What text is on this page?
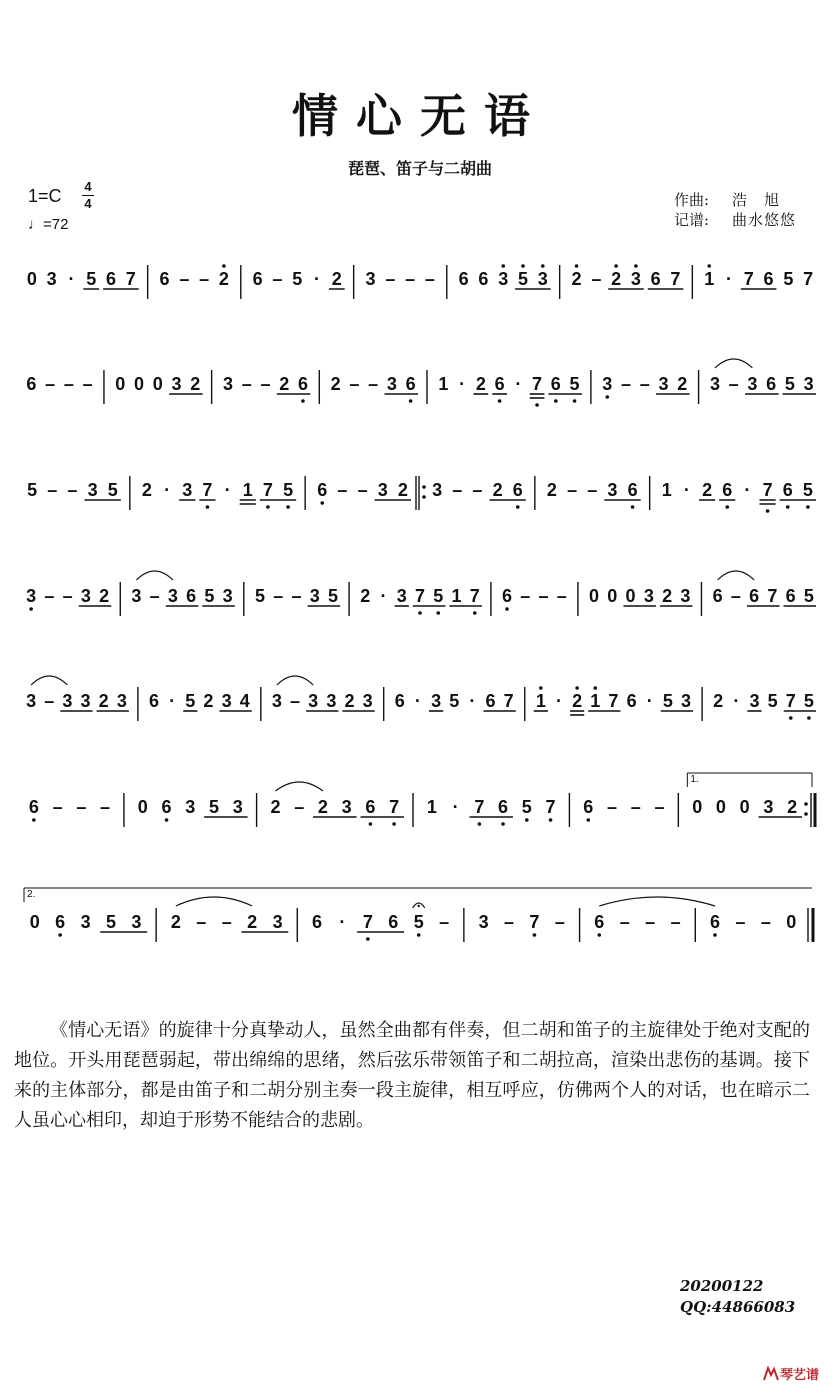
情心无语
琵琶、笛子与二胡曲
1=C 4
4
♩=72
作曲:	浩　旭
记谱:	曲水悠悠
0 3 · 5 6 7 6 – – 2 6 – 5 · 2 3 – – – 6 6 3 5 3 2 – 2 3 6 7 1 · 7 6 5 7
6 – – – 0 0 0 3 2 3 – – 2 6 2 – – 3 6 1 · 2 6 · 7 6 5 3 – – 3 2 3 – 3 6 5 3
5 – – 3 5 2 · 3 7 · 1 7 5 6 – – 3 2 3 – – 2 6 2 – – 3 6 1 · 2 6 · 7 6 5
3 – – 3 2 3 – 3 6 5 3 5 – – 3 5 2 · 3 7 5 1 7 6 – – – 0 0 0 3 2 3 6 – 6 7 6 5
3 – 3 3 2 3 6 · 5 2 3 4 3 – 3 3 2 3 6 · 3 5 · 6 7 1 · 2 1 7 6 · 5 3 2 · 3 5 7 5
6 – – – 0 6 3 5 3 2 – 2 3 6 7 1 · 7 6 5 7 6 – – – 0
1.
0 0 3 2
0
2.
6 3 5 3 2 – – 2 3 6 · 7 6 5 – 3 – 7 – 6 – – – 6 – – 0
《情心无语》的旋律十分真挚动人，虽然全曲都有伴奏，但二胡和笛子的主旋律处于绝对支配的地位。开头用琵琶弱起，带出绵绵的思绪，然后弦乐带领笛子和二胡拉高，渲染出悲伤的基调。接下来的主体部分，都是由笛子和二胡分别主奏一段主旋律，相互呼应，仿佛两个人的对话，也在暗示二人虽心心相印，却迫于形势不能结合的悲剧。
20200122
QQ:44866083
琴艺谱
